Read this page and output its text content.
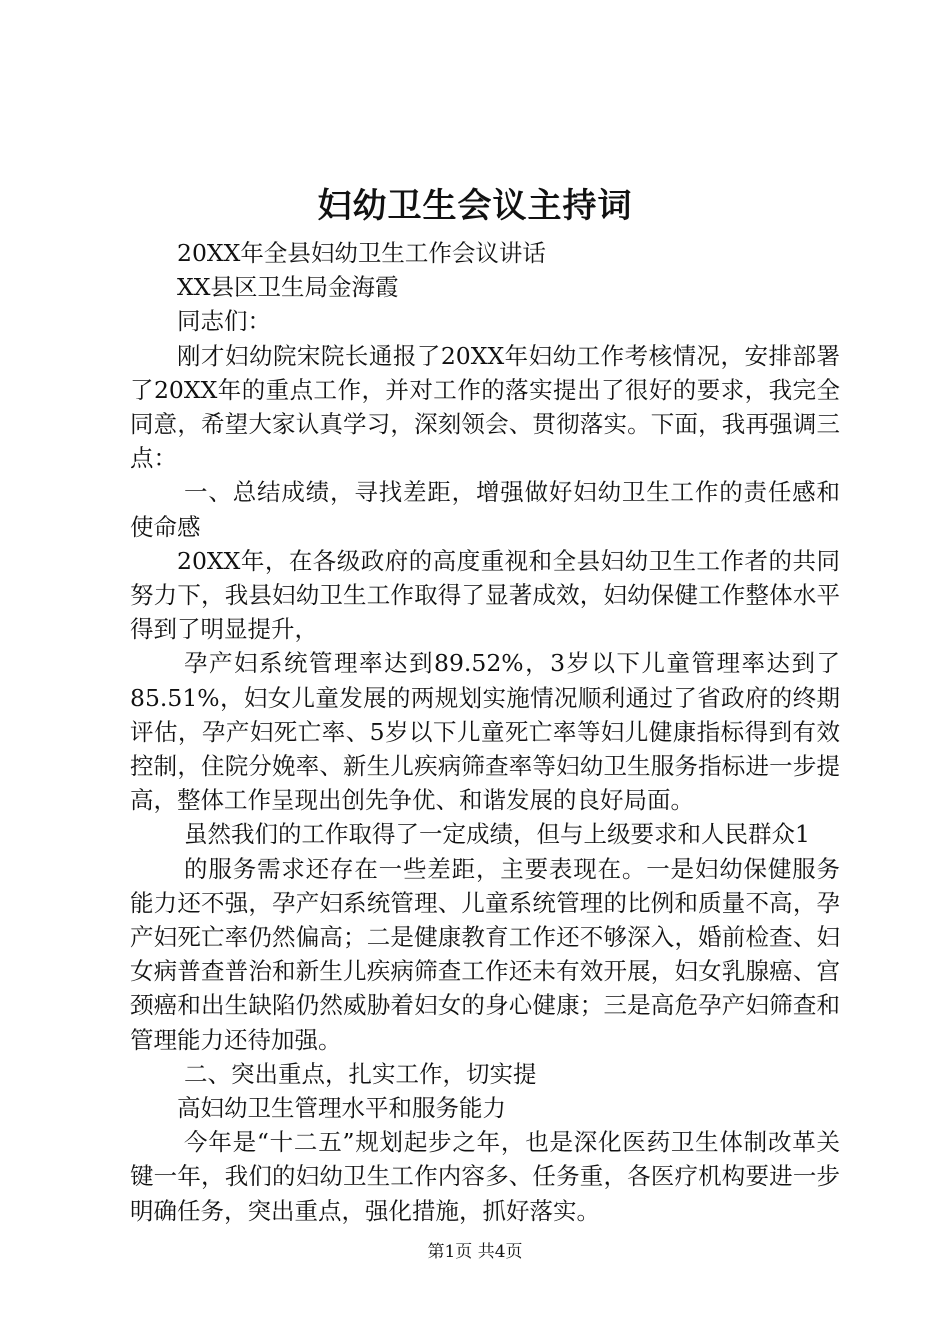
妇幼卫生会议主持词

20XX年全县妇幼卫生工作会议讲话

XX县区卫生局金海霞

同志们：

刚才妇幼院宋院长通报了20XX年妇幼工作考核情况，安排部署了20XX年的重点工作，并对工作的落实提出了很好的要求，我完全同意，希望大家认真学习，深刻领会、贯彻落实。下面，我再强调三点：

一、总结成绩，寻找差距，增强做好妇幼卫生工作的责任感和使命感

20XX年，在各级政府的高度重视和全县妇幼卫生工作者的共同努力下，我县妇幼卫生工作取得了显著成效，妇幼保健工作整体水平得到了明显提升，

孕产妇系统管理率达到89.52%，3岁以下儿童管理率达到了85.51%，妇女儿童发展的两规划实施情况顺利通过了省政府的终期评估，孕产妇死亡率、5岁以下儿童死亡率等妇儿健康指标得到有效控制，住院分娩率、新生儿疾病筛查率等妇幼卫生服务指标进一步提高，整体工作呈现出创先争优、和谐发展的良好局面。

虽然我们的工作取得了一定成绩，但与上级要求和人民群众1

的服务需求还存在一些差距，主要表现在。一是妇幼保健服务能力还不强，孕产妇系统管理、儿童系统管理的比例和质量不高，孕产妇死亡率仍然偏高；二是健康教育工作还不够深入，婚前检查、妇女病普查普治和新生儿疾病筛查工作还未有效开展，妇女乳腺癌、宫颈癌和出生缺陷仍然威胁着妇女的身心健康；三是高危孕产妇筛查和管理能力还待加强。

二、突出重点，扎实工作，切实提

高妇幼卫生管理水平和服务能力

今年是“十二五”规划起步之年，也是深化医药卫生体制改革关键一年，我们的妇幼卫生工作内容多、任务重，各医疗机构要进一步明确任务，突出重点，强化措施，抓好落实。

第1页 共4页
